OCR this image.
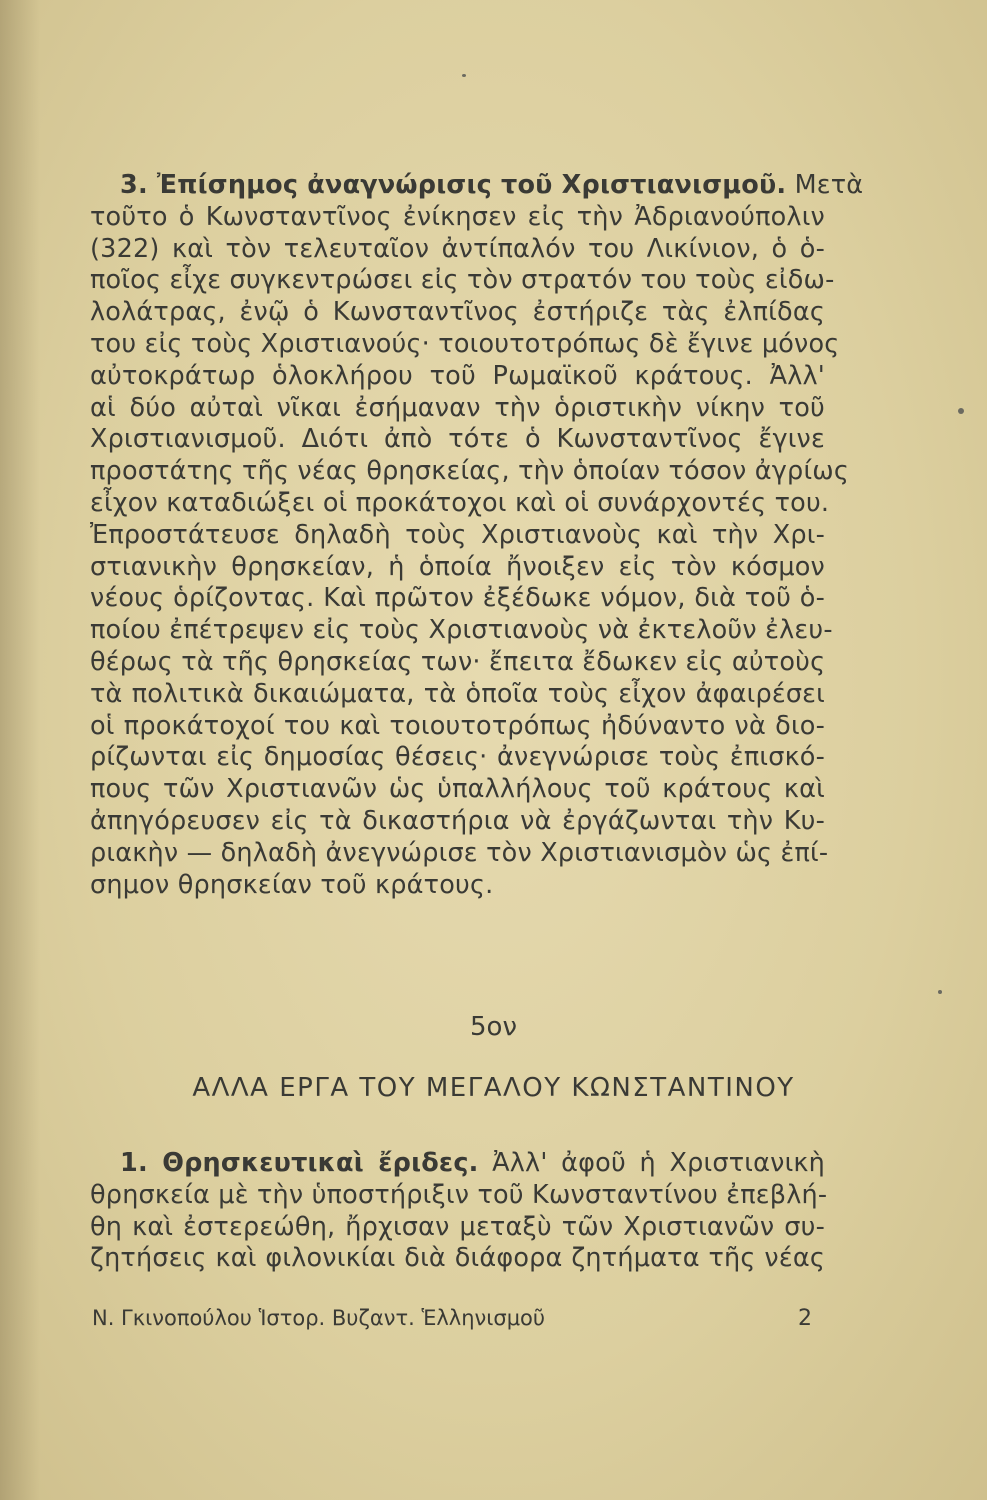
3. Ἐπίσημος ἀναγνώρισις τοῦ Χριστιανισμοῦ. Μετὰ
τοῦτο ὁ Κωνσταντῖνος ἐνίκησεν εἰς τὴν Ἀδριανούπολιν
(322) καὶ τὸν τελευταῖον ἀντίπαλόν του Λικίνιον, ὁ ὁ-
ποῖος εἶχε συγκεντρώσει εἰς τὸν στρατόν του τοὺς εἰδω-
λολάτρας, ἐνῷ ὁ Κωνσταντῖνος ἐστήριζε τὰς ἐλπίδας
του εἰς τοὺς Χριστιανούς· τοιουτοτρόπως δὲ ἔγινε μόνος
αὐτοκράτωρ ὁλοκλήρου τοῦ Ρωμαϊκοῦ κράτους. Ἀλλ'
αἱ δύο αὐταὶ νῖκαι ἐσήμαναν τὴν ὁριστικὴν νίκην τοῦ
Χριστιανισμοῦ. Διότι ἀπὸ τότε ὁ Κωνσταντῖνος ἔγινε
προστάτης τῆς νέας θρησκείας, τὴν ὁποίαν τόσον ἀγρίως
εἶχον καταδιώξει οἱ προκάτοχοι καὶ οἱ συνάρχοντές του.
Ἐπροστάτευσε δηλαδὴ τοὺς Χριστιανοὺς καὶ τὴν Χρι-
στιανικὴν θρησκείαν, ἡ ὁποία ἤνοιξεν εἰς τὸν κόσμον
νέους ὁρίζοντας. Καὶ πρῶτον ἐξέδωκε νόμον, διὰ τοῦ ὁ-
ποίου ἐπέτρεψεν εἰς τοὺς Χριστιανοὺς νὰ ἐκτελοῦν ἐλευ-
θέρως τὰ τῆς θρησκείας των· ἔπειτα ἔδωκεν εἰς αὐτοὺς
τὰ πολιτικὰ δικαιώματα, τὰ ὁποῖα τοὺς εἶχον ἀφαιρέσει
οἱ προκάτοχοί του καὶ τοιουτοτρόπως ἠδύναντο νὰ διο-
ρίζωνται εἰς δημοσίας θέσεις· ἀνεγνώρισε τοὺς ἐπισκό-
πους τῶν Χριστιανῶν ὡς ὑπαλλήλους τοῦ κράτους καὶ
ἀπηγόρευσεν εἰς τὰ δικαστήρια νὰ ἐργάζωνται τὴν Κυ-
ριακὴν — δηλαδὴ ἀνεγνώρισε τὸν Χριστιανισμὸν ὡς ἐπί-
σημον θρησκείαν τοῦ κράτους.
5ον
ΑΛΛΑ ΕΡΓΑ ΤΟΥ ΜΕΓΑΛΟΥ ΚΩΝΣΤΑΝΤΙΝΟΥ
1. Θρησκευτικαὶ ἔριδες. Ἀλλ' ἀφοῦ ἡ Χριστιανικὴ
θρησκεία μὲ τὴν ὑποστήριξιν τοῦ Κωνσταντίνου ἐπεβλή-
θη καὶ ἐστερεώθη, ἤρχισαν μεταξὺ τῶν Χριστιανῶν συ-
ζητήσεις καὶ φιλονικίαι διὰ διάφορα ζητήματα τῆς νέας
Ν. Γκινοπούλου Ἱστορ. Βυζαντ. Ἑλληνισμοῦ	2
